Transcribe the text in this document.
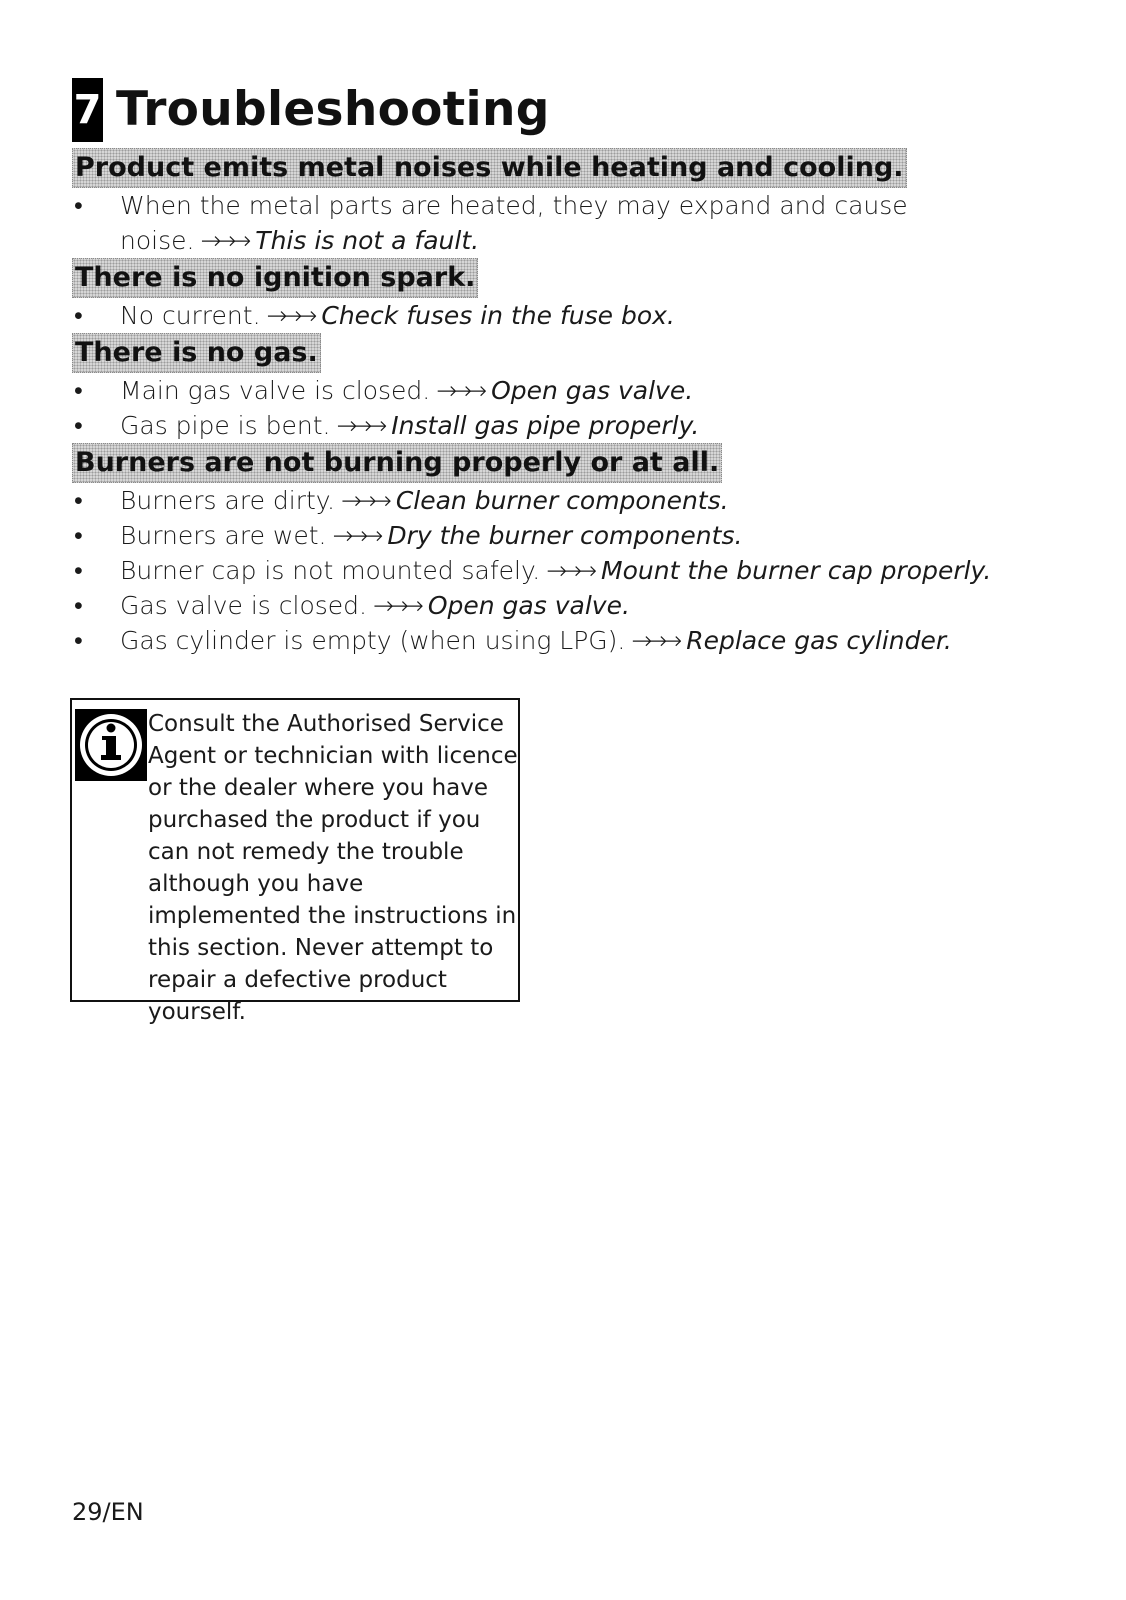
7 Troubleshooting
Product emits metal noises while heating and cooling.
• When the metal parts are heated, they may expand and cause noise. →→→ This is not a fault.
There is no ignition spark.
• No current. →→→ Check fuses in the fuse box.
There is no gas.
• Main gas valve is closed. →→→ Open gas valve.
• Gas pipe is bent. →→→ Install gas pipe properly.
Burners are not burning properly or at all.
• Burners are dirty. →→→ Clean burner components.
• Burners are wet. →→→ Dry the burner components.
• Burner cap is not mounted safely. →→→ Mount the burner cap properly.
• Gas valve is closed. →→→ Open gas valve.
• Gas cylinder is empty (when using LPG). →→→ Replace gas cylinder.
Consult the Authorised Service Agent or technician with licence or the dealer where you have purchased the product if you can not remedy the trouble although you have implemented the instructions in this section. Never attempt to repair a defective product yourself.
29/EN
